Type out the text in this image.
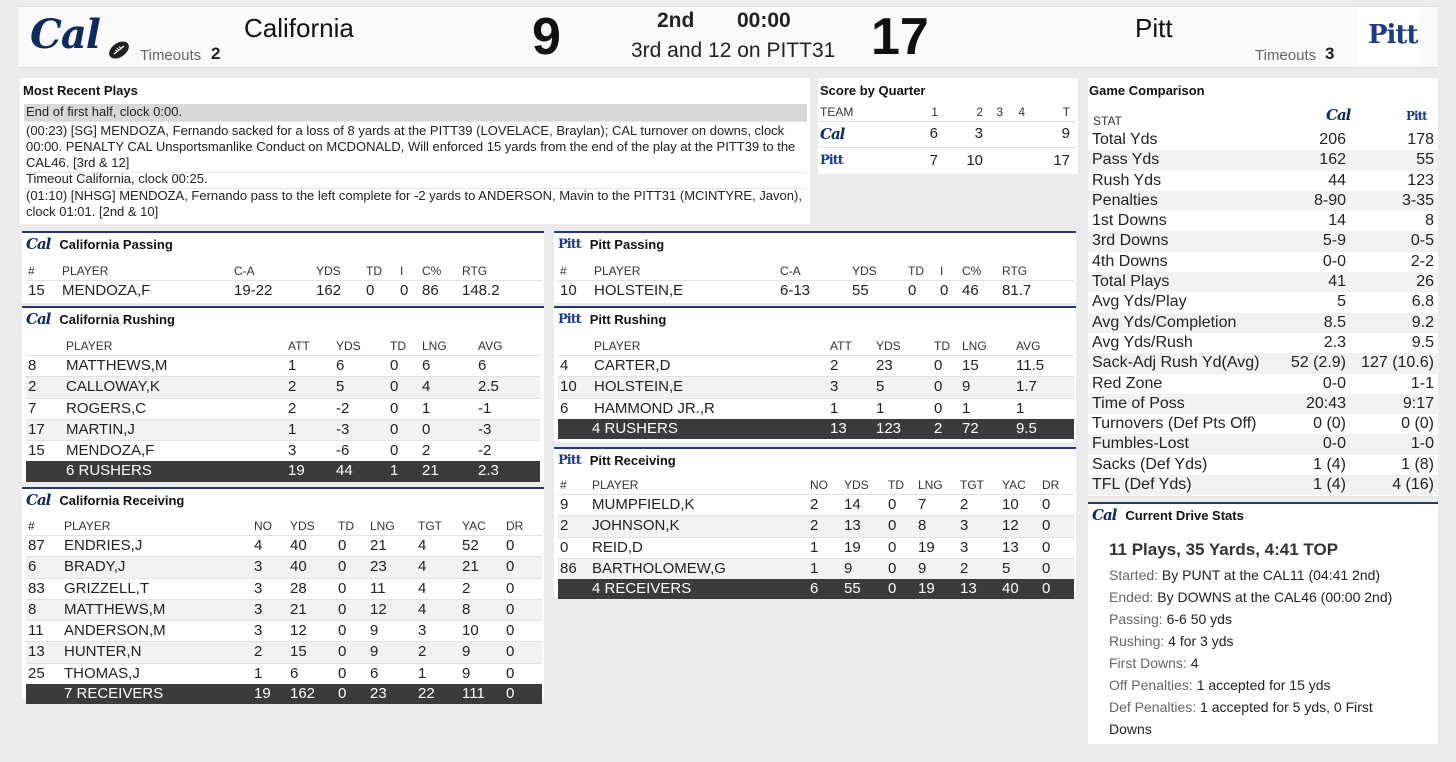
Cal	Timeouts 2
California	9	2nd 00:00
3rd and 12 on PITT31 17	Pitt
Timeouts 3
Pitt
Most Recent Plays
End of first half, clock 0:00.
(00:23) [SG] MENDOZA, Fernando sacked for a loss of 8 yards at the PITT39 (LOVELACE, Braylan); CAL turnover on downs, clock 00:00. PENALTY CAL Unsportsmanlike Conduct on MCDONALD, Will enforced 15 yards from the end of the play at the PITT39 to the CAL46. [3rd & 12]
Timeout California, clock 00:25.
(01:10) [NHSG] MENDOZA, Fernando pass to the left complete for -2 yards to ANDERSON, Mavin to the PITT31 (MCINTYRE, Javon), clock 01:01. [2nd & 10]
Score by Quarter
TEAM	1	2	3	4	T
Cal	6	3			9
Pitt	7	10			17
Cal California Passing
#	PLAYER	C-A	YDS	TD	I	C%	RTG
15	MENDOZA,F	19-22	162	0	0	86	148.2
Pitt Pitt Passing
#	PLAYER	C-A	YDS	TD	I	C%	RTG
10	HOLSTEIN,E	6-13	55	0	0	46	81.7
Cal California Rushing
	PLAYER	ATT	YDS	TD	LNG	AVG
8	MATTHEWS,M	1	6	0	6	6
2	CALLOWAY,K	2	5	0	4	2.5
7	ROGERS,C	2	-2	0	1	-1
17	MARTIN,J	1	-3	0	0	-3
15	MENDOZA,F	3	-6	0	2	-2
6 RUSHERS		19	44	1	21	2.3
Pitt Pitt Rushing
	PLAYER	ATT	YDS	TD	LNG	AVG
4	CARTER,D	2	23	0	15	11.5
10	HOLSTEIN,E	3	5	0	9	1.7
6	HAMMOND JR.,R	1	1	0	1	1
4 RUSHERS		13	123	2	72	9.5
Pitt Pitt Receiving
#	PLAYER	NO	YDS	TD	LNG	TGT	YAC	DR
9	MUMPFIELD,K	2	14	0	7	2	10	0
2	JOHNSON,K	2	13	0	8	3	12	0
0	REID,D	1	19	0	19	3	13	0
86	BARTHOLOMEW,G	1	9	0	9	2	5	0
4 RECEIVERS		6	55	0	19	13	40	0
Cal California Receiving
#	PLAYER	NO	YDS	TD	LNG	TGT	YAC	DR
87	ENDRIES,J	4	40	0	21	4	52	0
6	BRADY,J	3	40	0	23	4	21	0
83	GRIZZELL,T	3	28	0	11	4	2	0
8	MATTHEWS,M	3	21	0	12	4	8	0
11	ANDERSON,M	3	12	0	9	3	10	0
13	HUNTER,N	2	15	0	9	2	9	0
25	THOMAS,J	1	6	0	6	1	9	0
7 RECEIVERS		19	162	0	23	22	111	0
Game Comparison
STAT	Cal	Pitt
Total Yds	206	178
Pass Yds	162	55
Rush Yds	44	123
Penalties	8-90	3-35
1st Downs	14	8
3rd Downs	5-9	0-5
4th Downs	0-0	2-2
Total Plays	41	26
Avg Yds/Play	5	6.8
Avg Yds/Completion	8.5	9.2
Avg Yds/Rush	2.3	9.5
Sack-Adj Rush Yd(Avg)	52 (2.9)	127 (10.6)
Red Zone	0-0	1-1
Time of Poss	20:43	9:17
Turnovers (Def Pts Off)	0 (0)	0 (0)
Fumbles-Lost	0-0	1-0
Sacks (Def Yds)	1 (4)	1 (8)
TFL (Def Yds)	1 (4)	4 (16)
Cal Current Drive Stats
11 Plays, 35 Yards, 4:41 TOP
Started: By PUNT at the CAL11 (04:41 2nd)
Ended: By DOWNS at the CAL46 (00:00 2nd)
Passing: 6-6 50 yds
Rushing: 4 for 3 yds
First Downs: 4
Off Penalties: 1 accepted for 15 yds
Def Penalties: 1 accepted for 5 yds, 0 First
Downs
